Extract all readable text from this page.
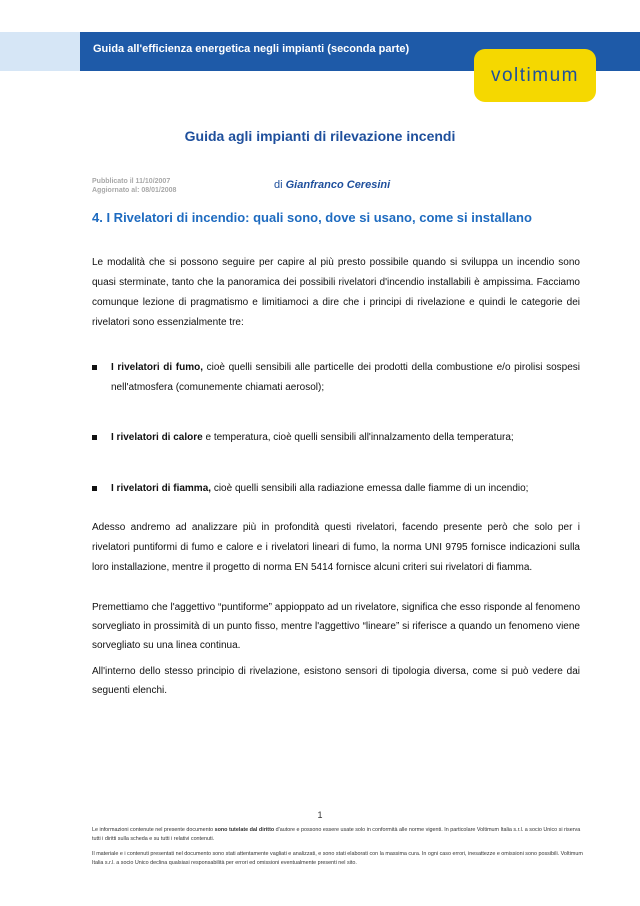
Guida all'efficienza energetica negli impianti (seconda parte)
voltimum
Guida agli impianti di rilevazione incendi
Pubblicato il 11/10/2007
Aggiornato al: 08/01/2008	di Gianfranco Ceresini
4. I Rivelatori di incendio: quali sono, dove si usano, come si installano
Le modalità che si possono seguire per capire al più presto possibile quando si sviluppa un incendio sono quasi sterminate, tanto che la panoramica dei possibili rivelatori d'incendio installabili è ampissima. Facciamo comunque lezione di pragmatismo e limitiamoci a dire che i principi di rivelazione e quindi le categorie dei rivelatori sono essenzialmente tre:
I rivelatori di fumo, cioè quelli sensibili alle particelle dei prodotti della combustione e/o pirolisi sospesi nell'atmosfera (comunemente chiamati aerosol);
I rivelatori di calore e temperatura, cioè quelli sensibili all'innalzamento della temperatura;
I rivelatori di fiamma, cioè quelli sensibili alla radiazione emessa dalle fiamme di un incendio;
Adesso andremo ad analizzare più in profondità questi rivelatori, facendo presente però che solo per i rivelatori puntiformi di fumo e calore e i rivelatori lineari di fumo, la norma UNI 9795 fornisce indicazioni sulla loro installazione, mentre il progetto di norma EN 5414 fornisce alcuni criteri sui rivelatori di fiamma.
Premettiamo che l'aggettivo “puntiforme” appioppato ad un rivelatore, significa che esso risponde al fenomeno sorvegliato in prossimità di un punto fisso, mentre l'aggettivo “lineare” si riferisce a quando un fenomeno viene sorvegliato su una linea continua.
All'interno dello stesso principio di rivelazione, esistono sensori di tipologia diversa, come si può vedere dai seguenti elenchi.
1
Le informazioni contenute nel presente documento sono tutelate dal diritto d'autore e possono essere usate solo in conformità alle norme vigenti. In particolare Voltimum Italia s.r.l. a socio Unico si riserva tutti i diritti sulla scheda e su tutti i relativi contenuti.
Il materiale e i contenuti presentati nel documento sono stati attentamente vagliati e analizzati, e sono stati elaborati con la massima cura. In ogni caso errori, inesattezze e omissioni sono possibili. Voltimum Italia s.r.l. a socio Unico declina qualsiasi responsabilità per errori ed omissioni eventualmente presenti nel sito.
